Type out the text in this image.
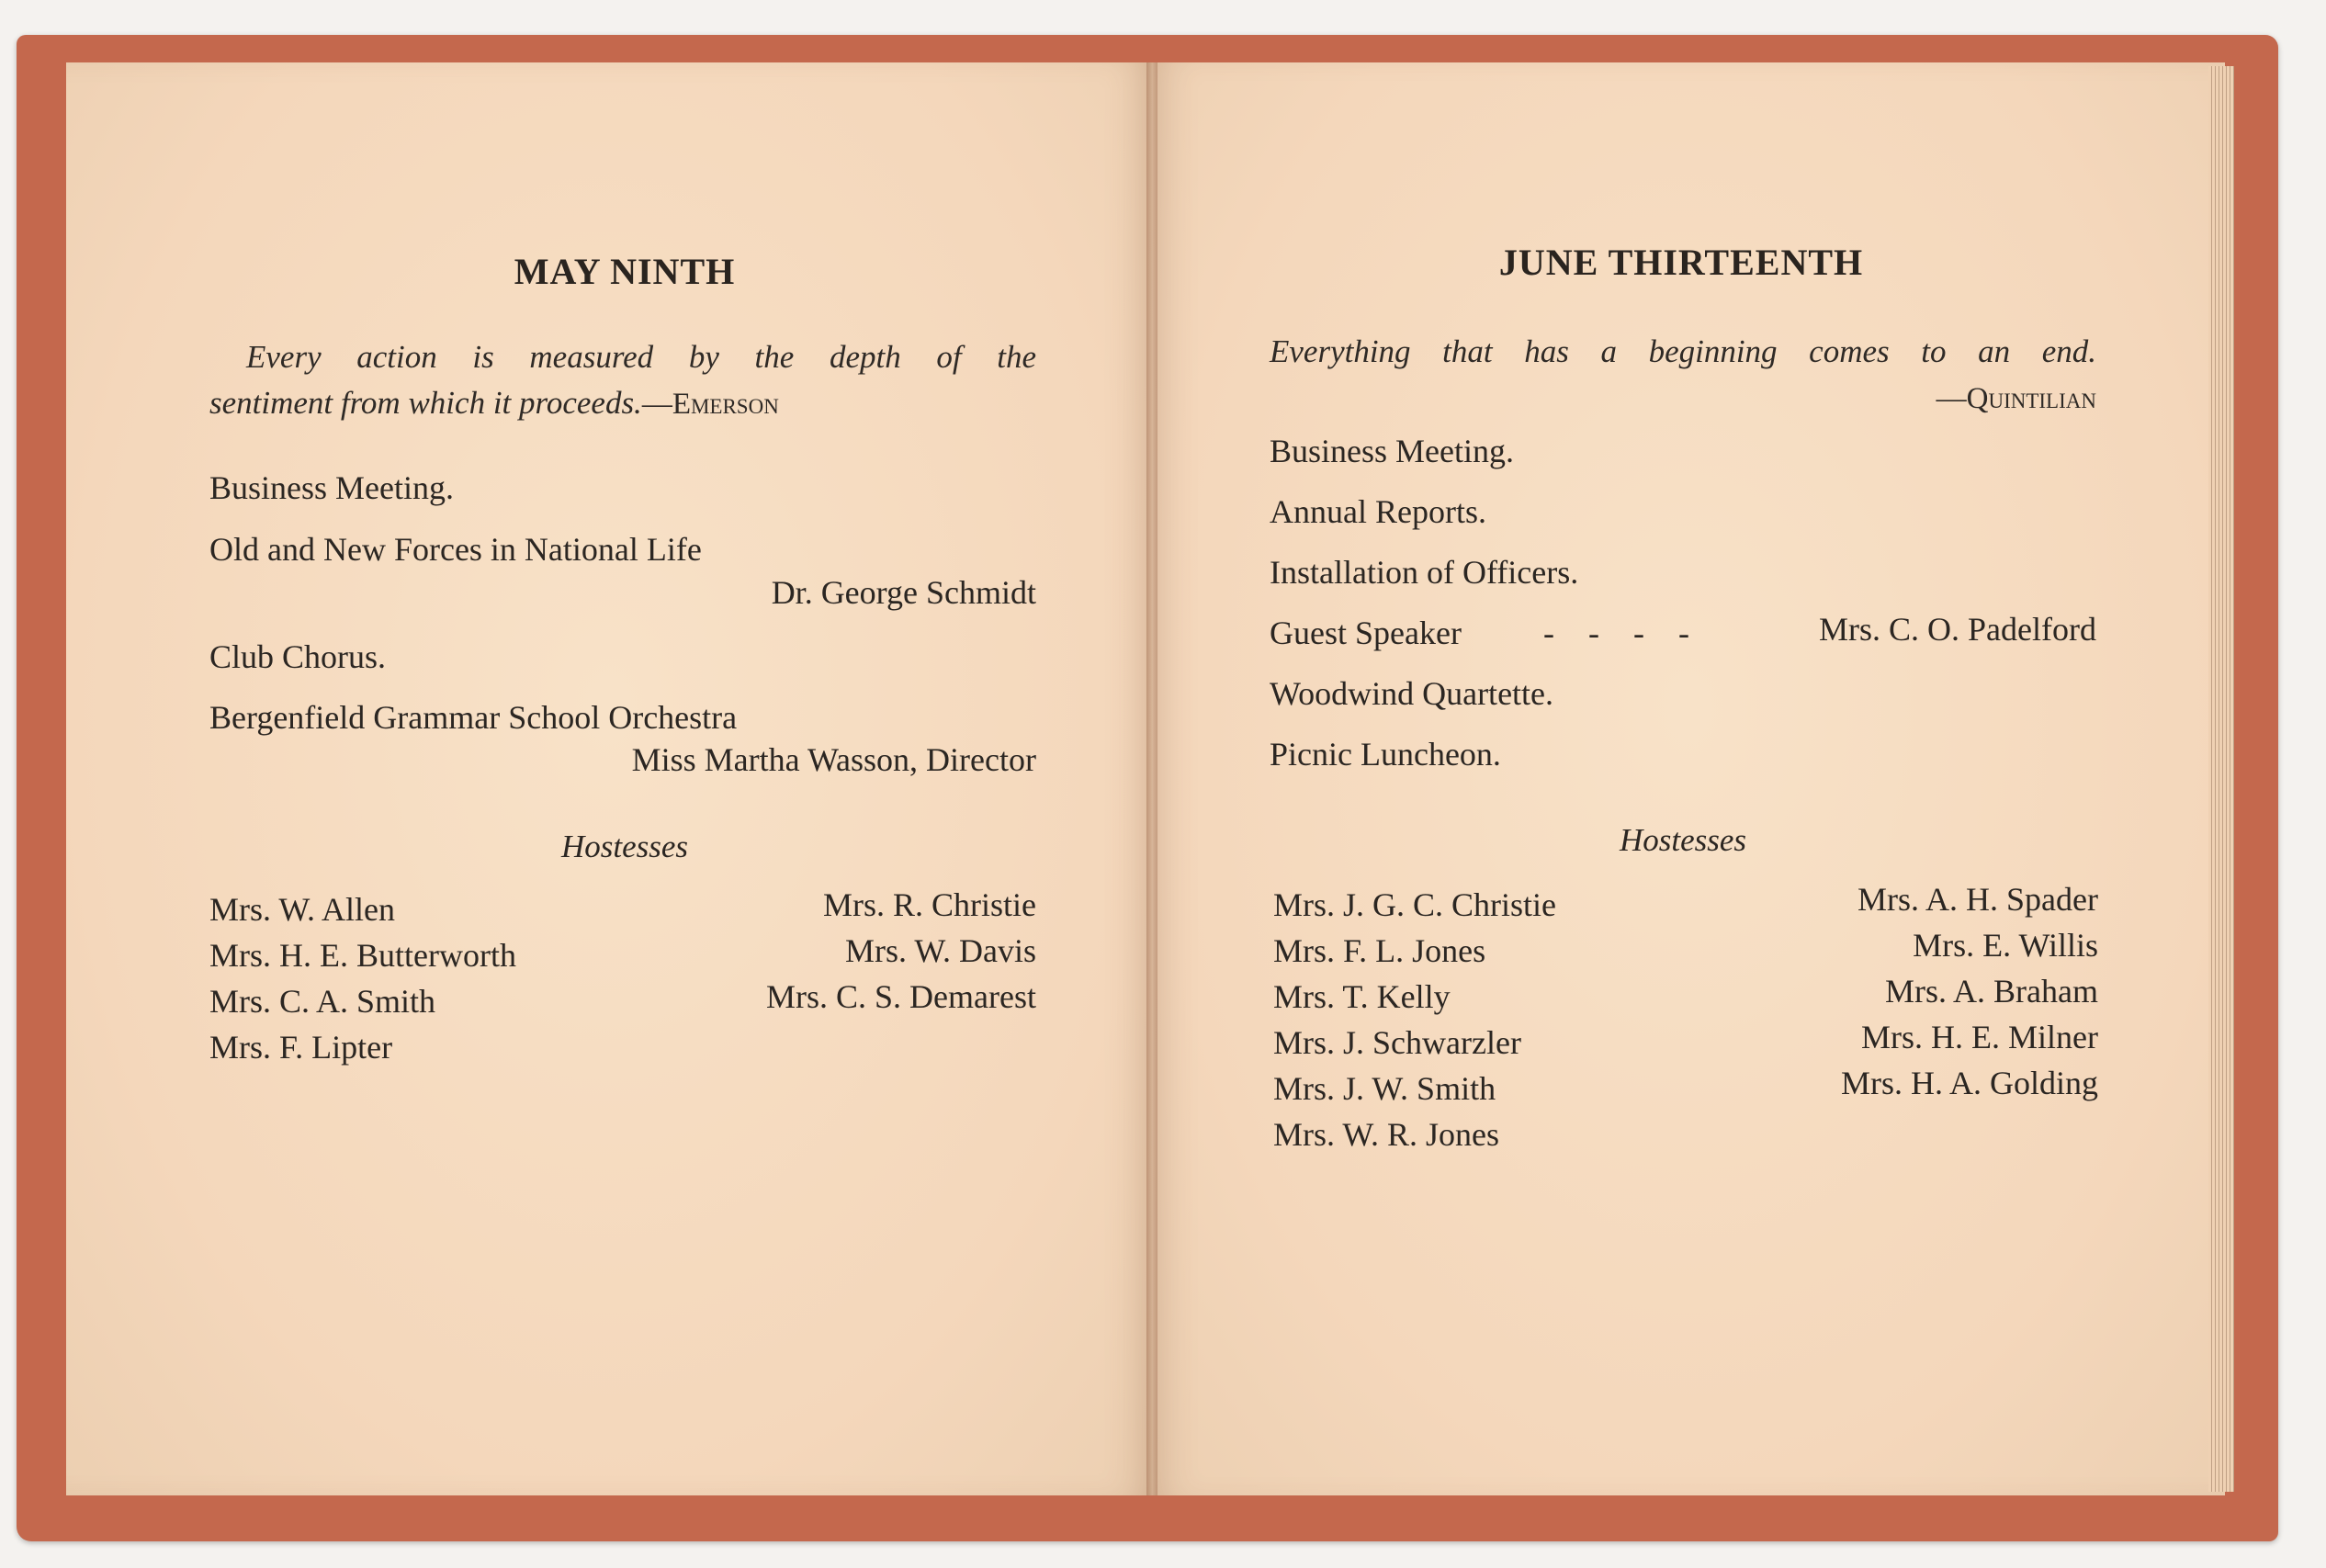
MAY NINTH
Every action is measured by the depth of the
sentiment from which it proceeds.—Emerson
Business Meeting.
Old and New Forces in National Life
Dr. George Schmidt
Club Chorus.
Bergenfield Grammar School Orchestra
Miss Martha Wasson, Director
Hostesses
Mrs. W. Allen
Mrs. H. E. Butterworth
Mrs. C. A. Smith
Mrs. F. Lipter
Mrs. R. Christie
Mrs. W. Davis
Mrs. C. S. Demarest
JUNE THIRTEENTH
Everything that has a beginning comes to an end.
—Quintilian
Business Meeting.
Annual Reports.
Installation of Officers.
Guest Speaker - - - -	Mrs. C. O. Padelford
Woodwind Quartette.
Picnic Luncheon.
Hostesses
Mrs. J. G. C. Christie
Mrs. F. L. Jones
Mrs. T. Kelly
Mrs. J. Schwarzler
Mrs. J. W. Smith
Mrs. W. R. Jones
Mrs. A. H. Spader
Mrs. E. Willis
Mrs. A. Braham
Mrs. H. E. Milner
Mrs. H. A. Golding
